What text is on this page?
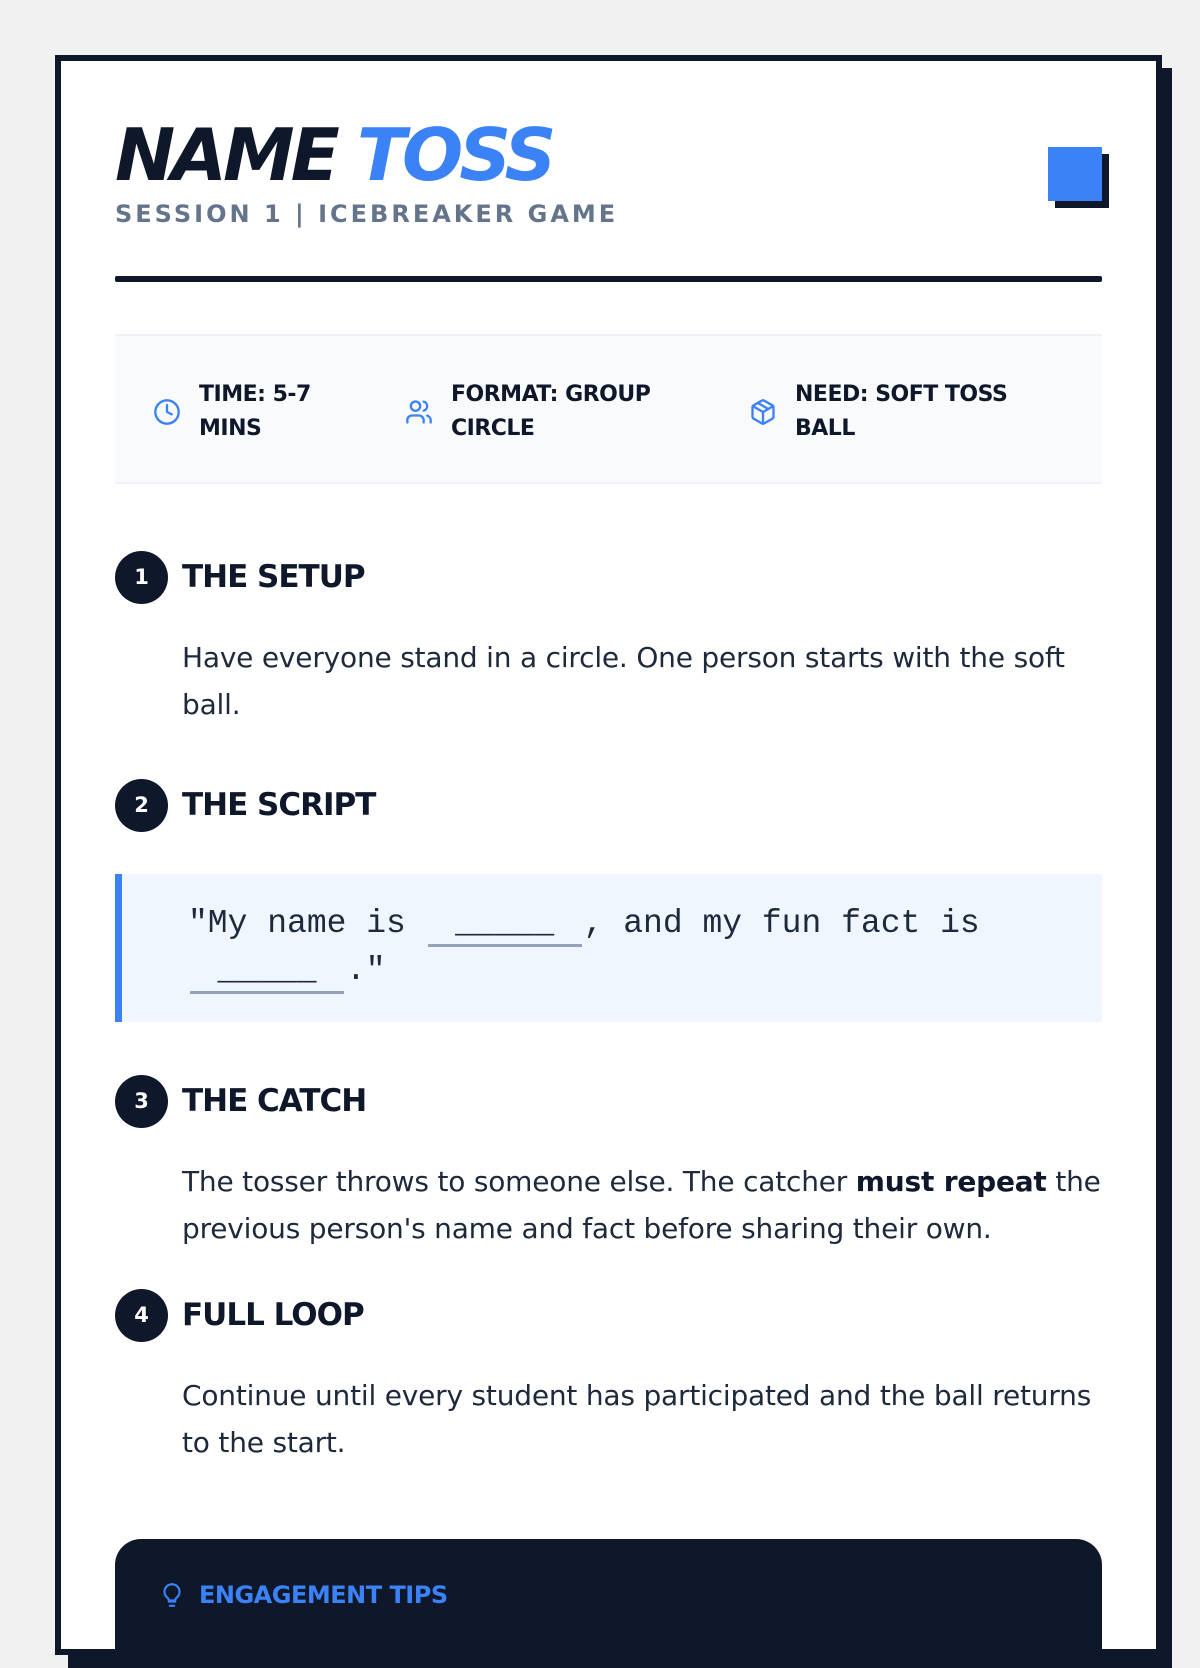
NAME TOSS
SESSION 1 | ICEBREAKER GAME
TIME: 5-7
MINS
FORMAT: GROUP
CIRCLE
NEED: SOFT TOSS
BALL
1	THE SETUP
Have everyone stand in a circle. One person starts with the soft ball.
2	THE SCRIPT
"My name is _____ , and my fun fact is
_____ ."
3	THE CATCH
The tosser throws to someone else. The catcher must repeat the previous person's name and fact before sharing their own.
4	FULL LOOP
Continue until every student has participated and the ball returns to the start.
ENGAGEMENT TIPS
